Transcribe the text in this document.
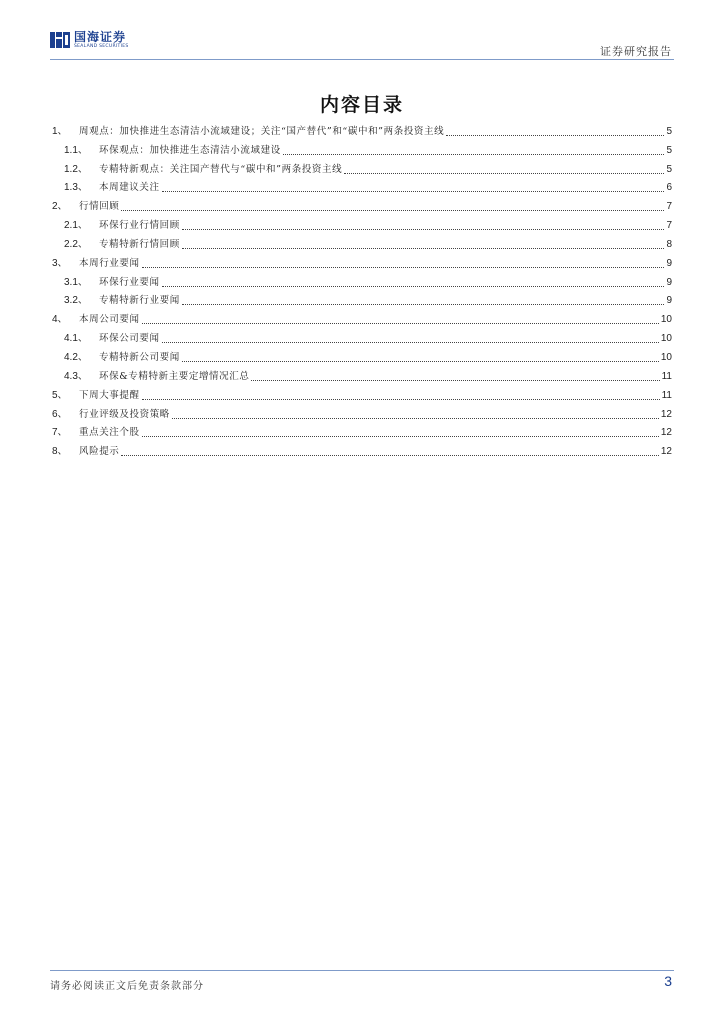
国海证券
SEALAND SECURITIES	证券研究报告
内容目录
1、	周观点：加快推进生态清洁小流域建设；关注“国产替代”和“碳中和”两条投资主线	5
1.1、	环保观点：加快推进生态清洁小流域建设	5
1.2、	专精特新观点：关注国产替代与“碳中和”两条投资主线	5
1.3、	本周建议关注	6
2、	行情回顾	7
2.1、	环保行业行情回顾	7
2.2、	专精特新行情回顾	8
3、	本周行业要闻	9
3.1、	环保行业要闻	9
3.2、	专精特新行业要闻	9
4、	本周公司要闻	10
4.1、	环保公司要闻	10
4.2、	专精特新公司要闻	10
4.3、	环保&专精特新主要定增情况汇总	11
5、	下周大事提醒	11
6、	行业评级及投资策略	12
7、	重点关注个股	12
8、	风险提示	12
请务必阅读正文后免责条款部分	3
